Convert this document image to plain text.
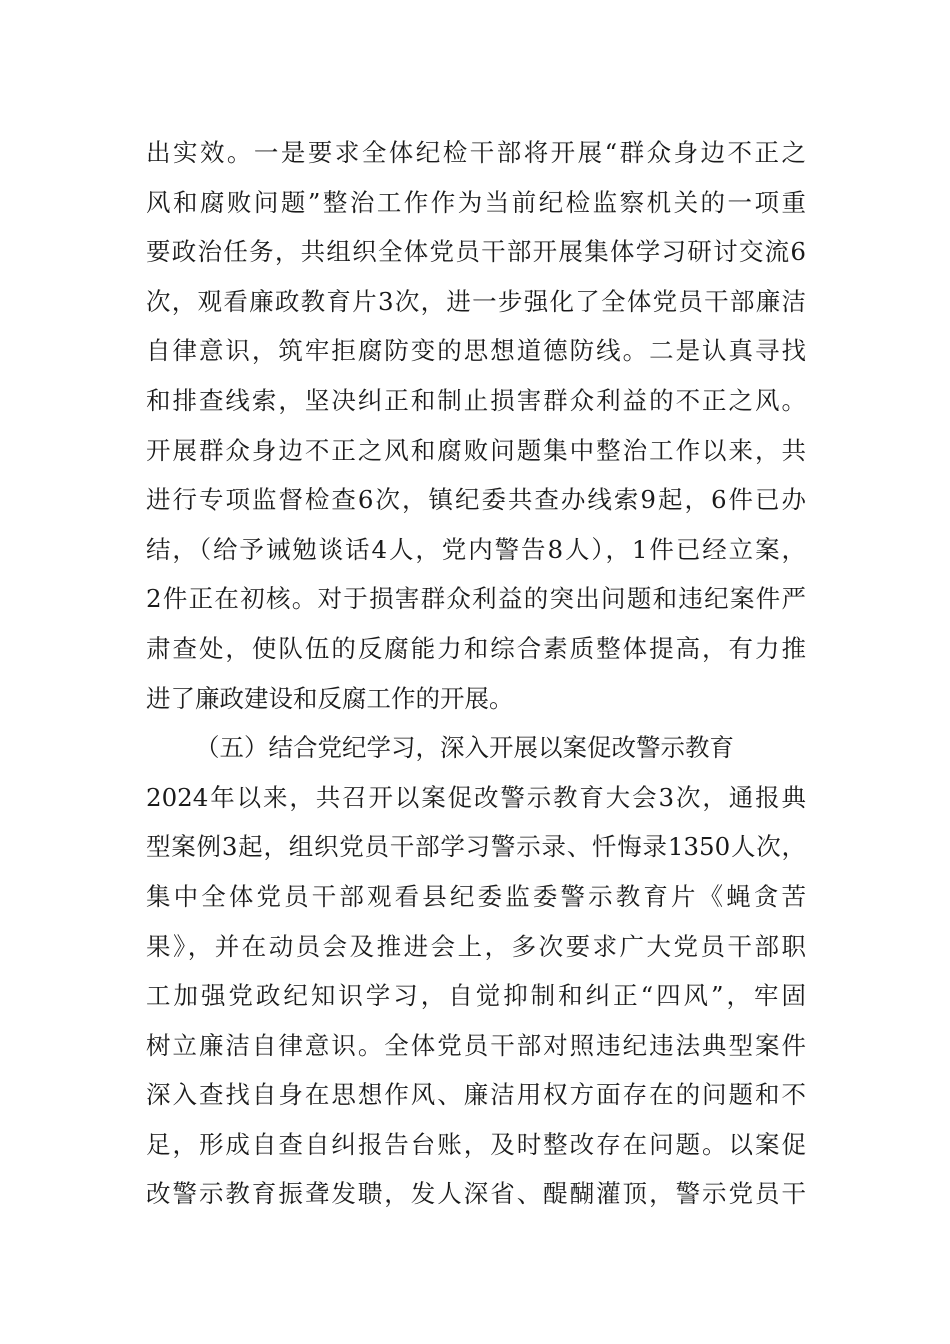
出实效。一是要求全体纪检干部将开展“群众身边不正之
风和腐败问题”整治工作作为当前纪检监察机关的一项重
要政治任务，共组织全体党员干部开展集体学习研讨交流6
次，观看廉政教育片3次，进一步强化了全体党员干部廉洁
自律意识，筑牢拒腐防变的思想道德防线。二是认真寻找
和排查线索，坚决纠正和制止损害群众利益的不正之风。
开展群众身边不正之风和腐败问题集中整治工作以来，共
进行专项监督检查6次，镇纪委共查办线索9起，6件已办
结，（给予诫勉谈话4人，党内警告8人），1件已经立案，
2件正在初核。对于损害群众利益的突出问题和违纪案件严
肃查处，使队伍的反腐能力和综合素质整体提高，有力推
进了廉政建设和反腐工作的开展。
（五）结合党纪学习，深入开展以案促改警示教育
2024年以来，共召开以案促改警示教育大会3次，通报典
型案例3起，组织党员干部学习警示录、忏悔录1350人次，
集中全体党员干部观看县纪委监委警示教育片《蝇贪苦
果》，并在动员会及推进会上，多次要求广大党员干部职
工加强党政纪知识学习，自觉抑制和纠正“四风”，牢固
树立廉洁自律意识。全体党员干部对照违纪违法典型案件
深入查找自身在思想作风、廉洁用权方面存在的问题和不
足，形成自查自纠报告台账，及时整改存在问题。以案促
改警示教育振聋发聩，发人深省、醍醐灌顶，警示党员干
